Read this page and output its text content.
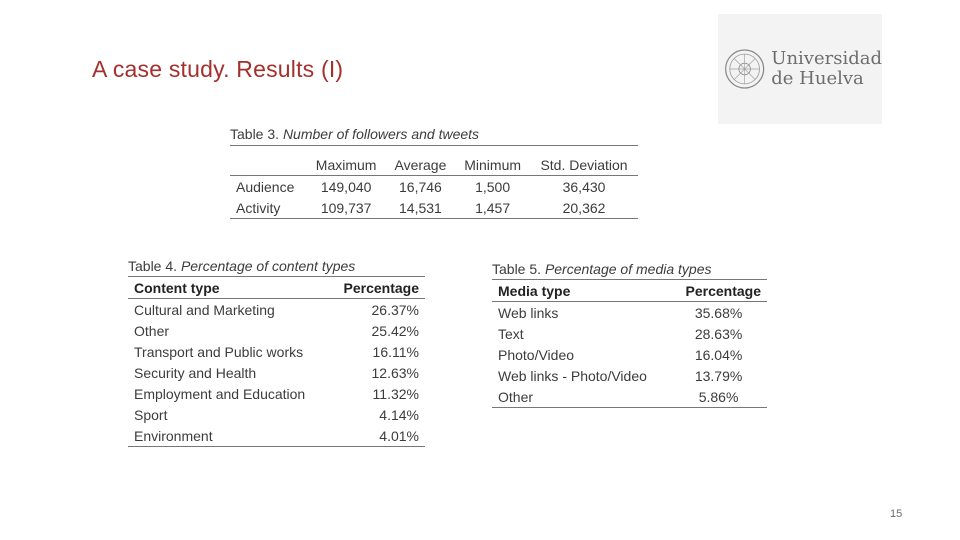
A case study. Results (I)	Universidad
de Huelva
Table 3. Number of followers and tweets
	Maximum	Average	Minimum	Std. Deviation
Audience	149,040	16,746	1,500	36,430
Activity	109,737	14,531	1,457	20,362
Table 4. Percentage of content types
Content type	Percentage
Cultural and Marketing	26.37%
Other	25.42%
Transport and Public works	16.11%
Security and Health	12.63%
Employment and Education	11.32%
Sport	4.14%
Environment	4.01%
Table 5. Percentage of media types
Media type	Percentage
Web links	35.68%
Text	28.63%
Photo/Video	16.04%
Web links - Photo/Video	13.79%
Other	5.86%
15
